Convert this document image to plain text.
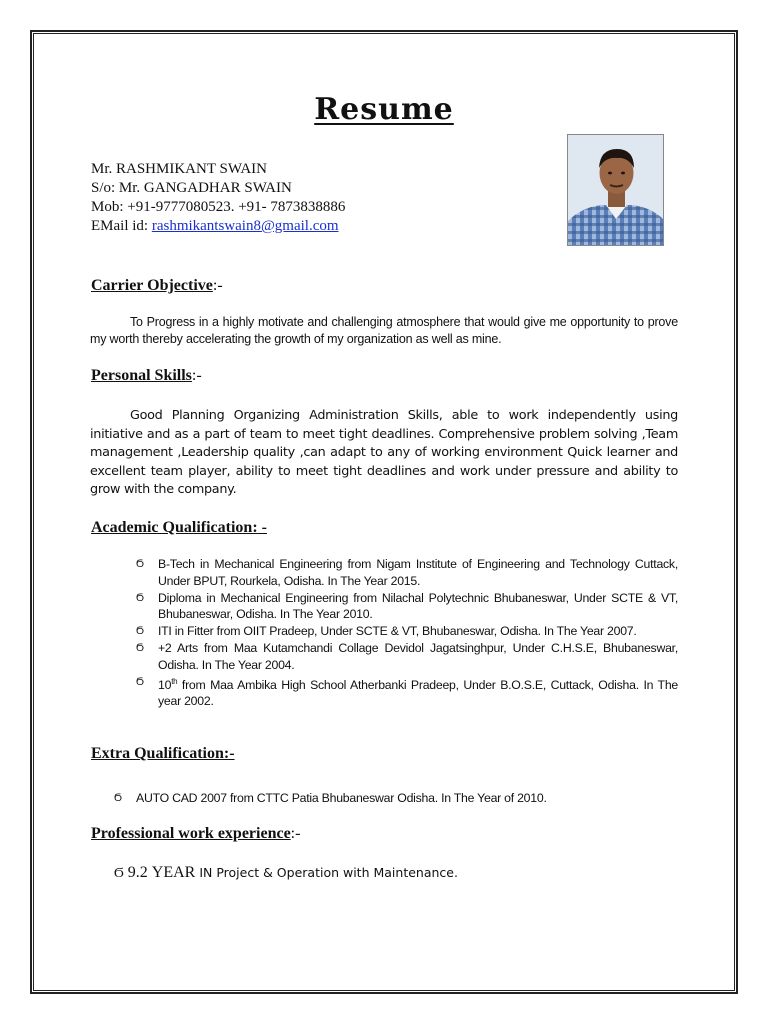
Resume
Mr. RASHMIKANT SWAIN
S/o: Mr. GANGADHAR SWAIN
Mob: +91-9777080523. +91- 7873838886
EMail id: rashmikantswain8@gmail.com
Carrier Objective:-
To Progress in a highly motivate and challenging atmosphere that would give me opportunity to prove my worth thereby accelerating the growth of my organization as well as mine.
Personal Skills:-
Good Planning Organizing Administration Skills, able to work independently using initiative and as a part of team to meet tight deadlines. Comprehensive problem solving ,Team management ,Leadership quality ,can adapt to any of working environment Quick learner and excellent team player, ability to meet tight deadlines and work under pressure and ability to grow with the company.
Academic Qualification: -
Ϭ B-Tech in Mechanical Engineering from Nigam Institute of Engineering and Technology Cuttack, Under BPUT, Rourkela, Odisha. In The Year 2015.
Ϭ Diploma in Mechanical Engineering from Nilachal Polytechnic Bhubaneswar, Under SCTE & VT, Bhubaneswar, Odisha. In The Year 2010.
Ϭ ITI in Fitter from OIIT Pradeep, Under SCTE & VT, Bhubaneswar, Odisha. In The Year 2007.
Ϭ +2 Arts from Maa Kutamchandi Collage Devidol Jagatsinghpur, Under C.H.S.E, Bhubaneswar, Odisha. In The Year 2004.
Ϭ 10th from Maa Ambika High School Atherbanki Pradeep, Under B.O.S.E, Cuttack, Odisha. In The year 2002.
Extra Qualification:-
Ϭ AUTO CAD 2007 from CTTC Patia Bhubaneswar Odisha. In The Year of 2010.
Professional work experience:-
Ϭ 9.2 YEAR IN Project & Operation with Maintenance.
